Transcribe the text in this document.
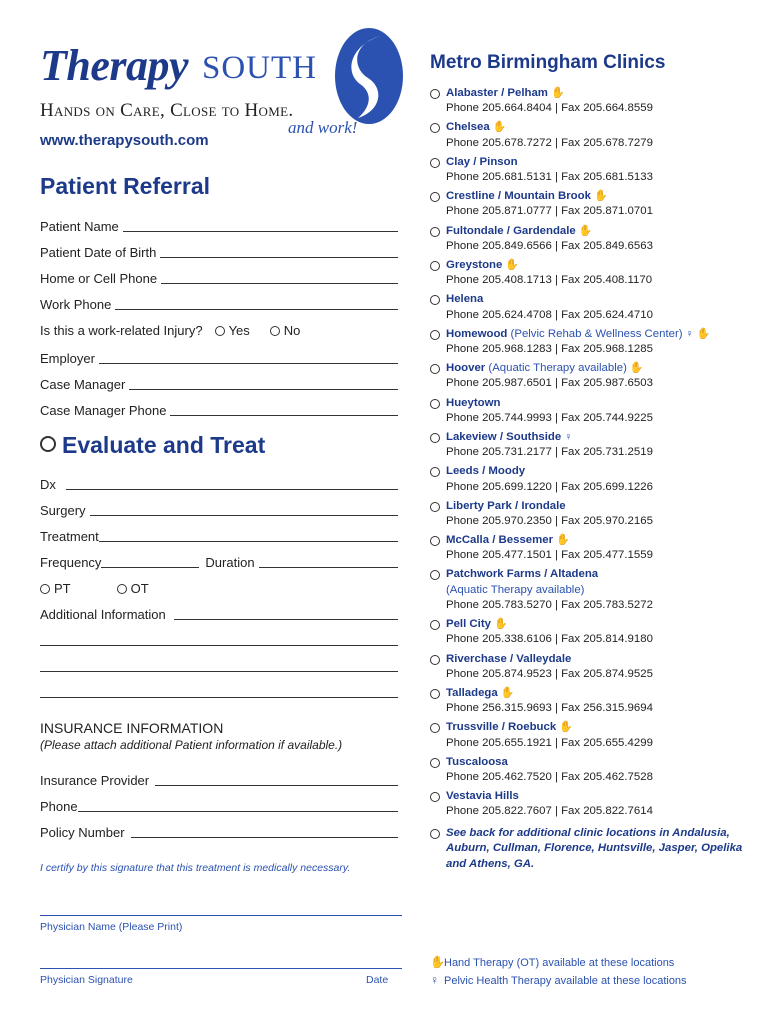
Therapy SOUTH
Hands on Care, Close to Home.
and work!
www.therapysouth.com
Patient Referral
Patient Name
Patient Date of Birth
Home or Cell Phone
Work Phone
Is this a work-related Injury?	Yes	No
Employer
Case Manager
Case Manager Phone
Evaluate and Treat
Dx
Surgery
Treatment
Frequency	Duration
PT	OT
Additional Information
INSURANCE INFORMATION
(Please attach additional Patient information if available.)
Insurance Provider
Phone
Policy Number
I certify by this signature that this treatment is medically necessary.
Physician Name (Please Print)
Physician Signature	Date
Metro Birmingham Clinics
Alabaster / Pelham ✋
Phone 205.664.8404 | Fax 205.664.8559
Chelsea ✋
Phone 205.678.7272 | Fax 205.678.7279
Clay / Pinson
Phone 205.681.5131 | Fax 205.681.5133
Crestline / Mountain Brook ✋
Phone 205.871.0777 | Fax 205.871.0701
Fultondale / Gardendale ✋
Phone 205.849.6566 | Fax 205.849.6563
Greystone ✋
Phone 205.408.1713 | Fax 205.408.1170
Helena
Phone 205.624.4708 | Fax 205.624.4710
Homewood (Pelvic Rehab & Wellness Center) ♀ ✋
Phone 205.968.1283 | Fax 205.968.1285
Hoover (Aquatic Therapy available) ✋
Phone 205.987.6501 | Fax 205.987.6503
Hueytown
Phone 205.744.9993 | Fax 205.744.9225
Lakeview / Southside ♀
Phone 205.731.2177 | Fax 205.731.2519
Leeds / Moody
Phone 205.699.1220 | Fax 205.699.1226
Liberty Park / Irondale
Phone 205.970.2350 | Fax 205.970.2165
McCalla / Bessemer ✋
Phone 205.477.1501 | Fax 205.477.1559
Patchwork Farms / Altadena
(Aquatic Therapy available)
Phone 205.783.5270 | Fax 205.783.5272
Pell City ✋
Phone 205.338.6106 | Fax 205.814.9180
Riverchase / Valleydale
Phone 205.874.9523 | Fax 205.874.9525
Talladega ✋
Phone 256.315.9693 | Fax 256.315.9694
Trussville / Roebuck ✋
Phone 205.655.1921 | Fax 205.655.4299
Tuscaloosa
Phone 205.462.7520 | Fax 205.462.7528
Vestavia Hills
Phone 205.822.7607 | Fax 205.822.7614
See back for additional clinic locations in Andalusia, Auburn, Cullman, Florence, Huntsville, Jasper, Opelika and Athens, GA.
✋Hand Therapy (OT) available at these locations
♀ Pelvic Health Therapy available at these locations
